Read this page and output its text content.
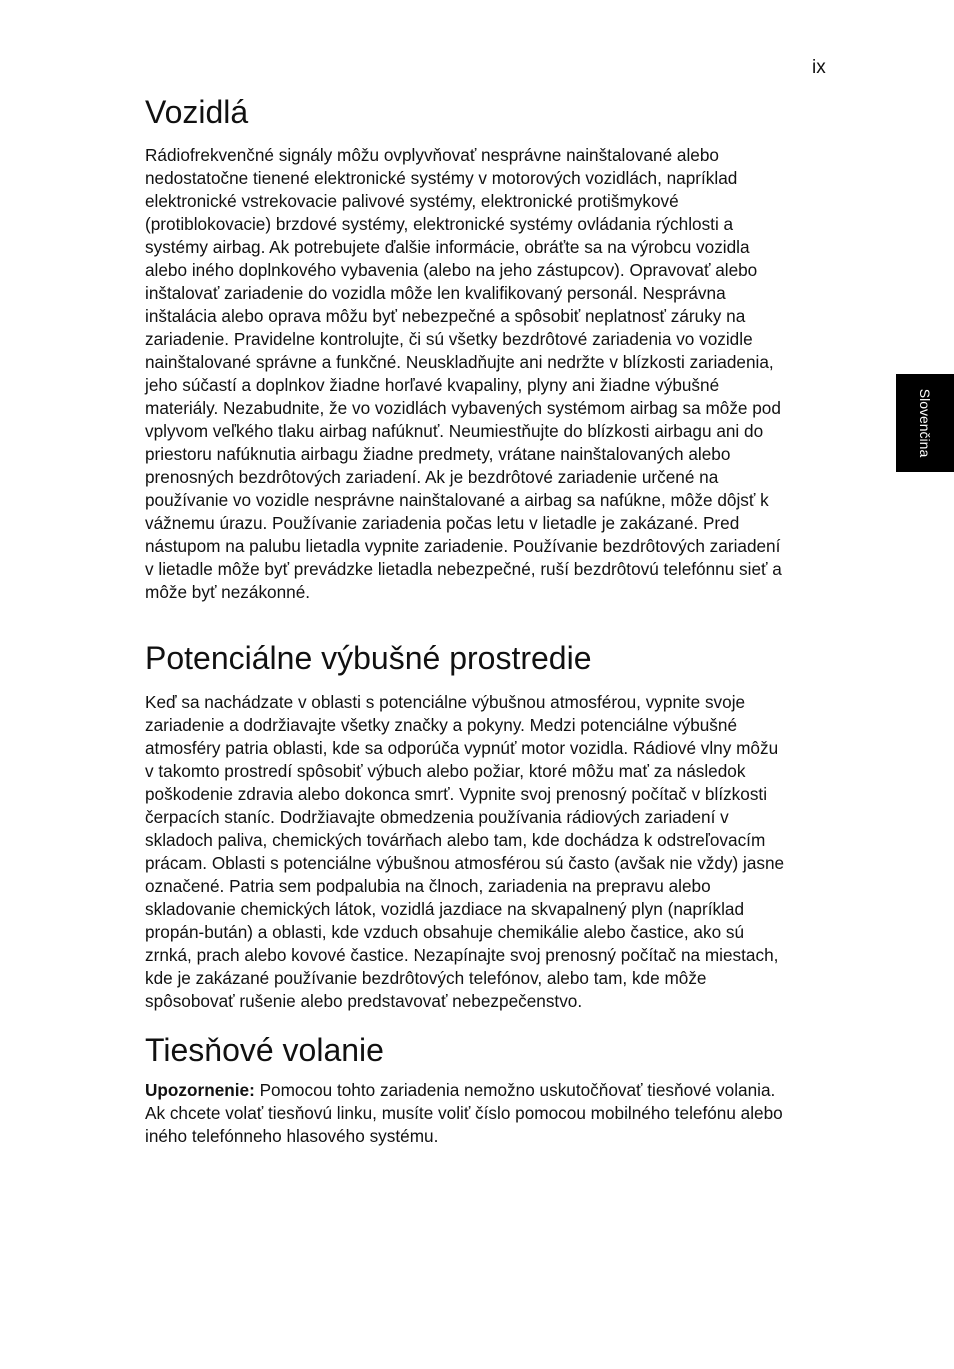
ix
Slovenčina
Vozidlá

Rádiofrekvenčné signály môžu ovplyvňovať nesprávne nainštalované alebo
nedostatočne tienené elektronické systémy v motorových vozidlách, napríklad
elektronické vstrekovacie palivové systémy, elektronické protišmykové
(protiblokovacie) brzdové systémy, elektronické systémy ovládania rýchlosti a
systémy airbag. Ak potrebujete ďalšie informácie, obráťte sa na výrobcu vozidla
alebo iného doplnkového vybavenia (alebo na jeho zástupcov). Opravovať alebo
inštalovať zariadenie do vozidla môže len kvalifikovaný personál. Nesprávna
inštalácia alebo oprava môžu byť nebezpečné a spôsobiť neplatnosť záruky na
zariadenie. Pravidelne kontrolujte, či sú všetky bezdrôtové zariadenia vo vozidle
nainštalované správne a funkčné. Neuskladňujte ani nedržte v blízkosti zariadenia,
jeho súčastí a doplnkov žiadne horľavé kvapaliny, plyny ani žiadne výbušné
materiály. Nezabudnite, že vo vozidlách vybavených systémom airbag sa môže pod
vplyvom veľkého tlaku airbag nafúknuť. Neumiestňujte do blízkosti airbagu ani do
priestoru nafúknutia airbagu žiadne predmety, vrátane nainštalovaných alebo
prenosných bezdrôtových zariadení. Ak je bezdrôtové zariadenie určené na
používanie vo vozidle nesprávne nainštalované a airbag sa nafúkne, môže dôjsť k
vážnemu úrazu. Používanie zariadenia počas letu v lietadle je zakázané. Pred
nástupom na palubu lietadla vypnite zariadenie. Používanie bezdrôtových zariadení
v lietadle môže byť prevádzke lietadla nebezpečné, ruší bezdrôtovú telefónnu sieť a
môže byť nezákonné.

Potenciálne výbušné prostredie

Keď sa nachádzate v oblasti s potenciálne výbušnou atmosférou, vypnite svoje
zariadenie a dodržiavajte všetky značky a pokyny. Medzi potenciálne výbušné
atmosféry patria oblasti, kde sa odporúča vypnúť motor vozidla. Rádiové vlny môžu
v takomto prostredí spôsobiť výbuch alebo požiar, ktoré môžu mať za následok
poškodenie zdravia alebo dokonca smrť. Vypnite svoj prenosný počítač v blízkosti
čerpacích staníc. Dodržiavajte obmedzenia používania rádiových zariadení v
skladoch paliva, chemických továrňach alebo tam, kde dochádza k odstreľovacím
prácam. Oblasti s potenciálne výbušnou atmosférou sú často (avšak nie vždy) jasne
označené. Patria sem podpalubia na člnoch, zariadenia na prepravu alebo
skladovanie chemických látok, vozidlá jazdiace na skvapalnený plyn (napríklad
propán-bután) a oblasti, kde vzduch obsahuje chemikálie alebo častice, ako sú
zrnká, prach alebo kovové častice. Nezapínajte svoj prenosný počítač na miestach,
kde je zakázané používanie bezdrôtových telefónov, alebo tam, kde môže
spôsobovať rušenie alebo predstavovať nebezpečenstvo.

Tiesňové volanie

Upozornenie: Pomocou tohto zariadenia nemožno uskutočňovať tiesňové volania.
Ak chcete volať tiesňovú linku, musíte voliť číslo pomocou mobilného telefónu alebo
iného telefónneho hlasového systému.
